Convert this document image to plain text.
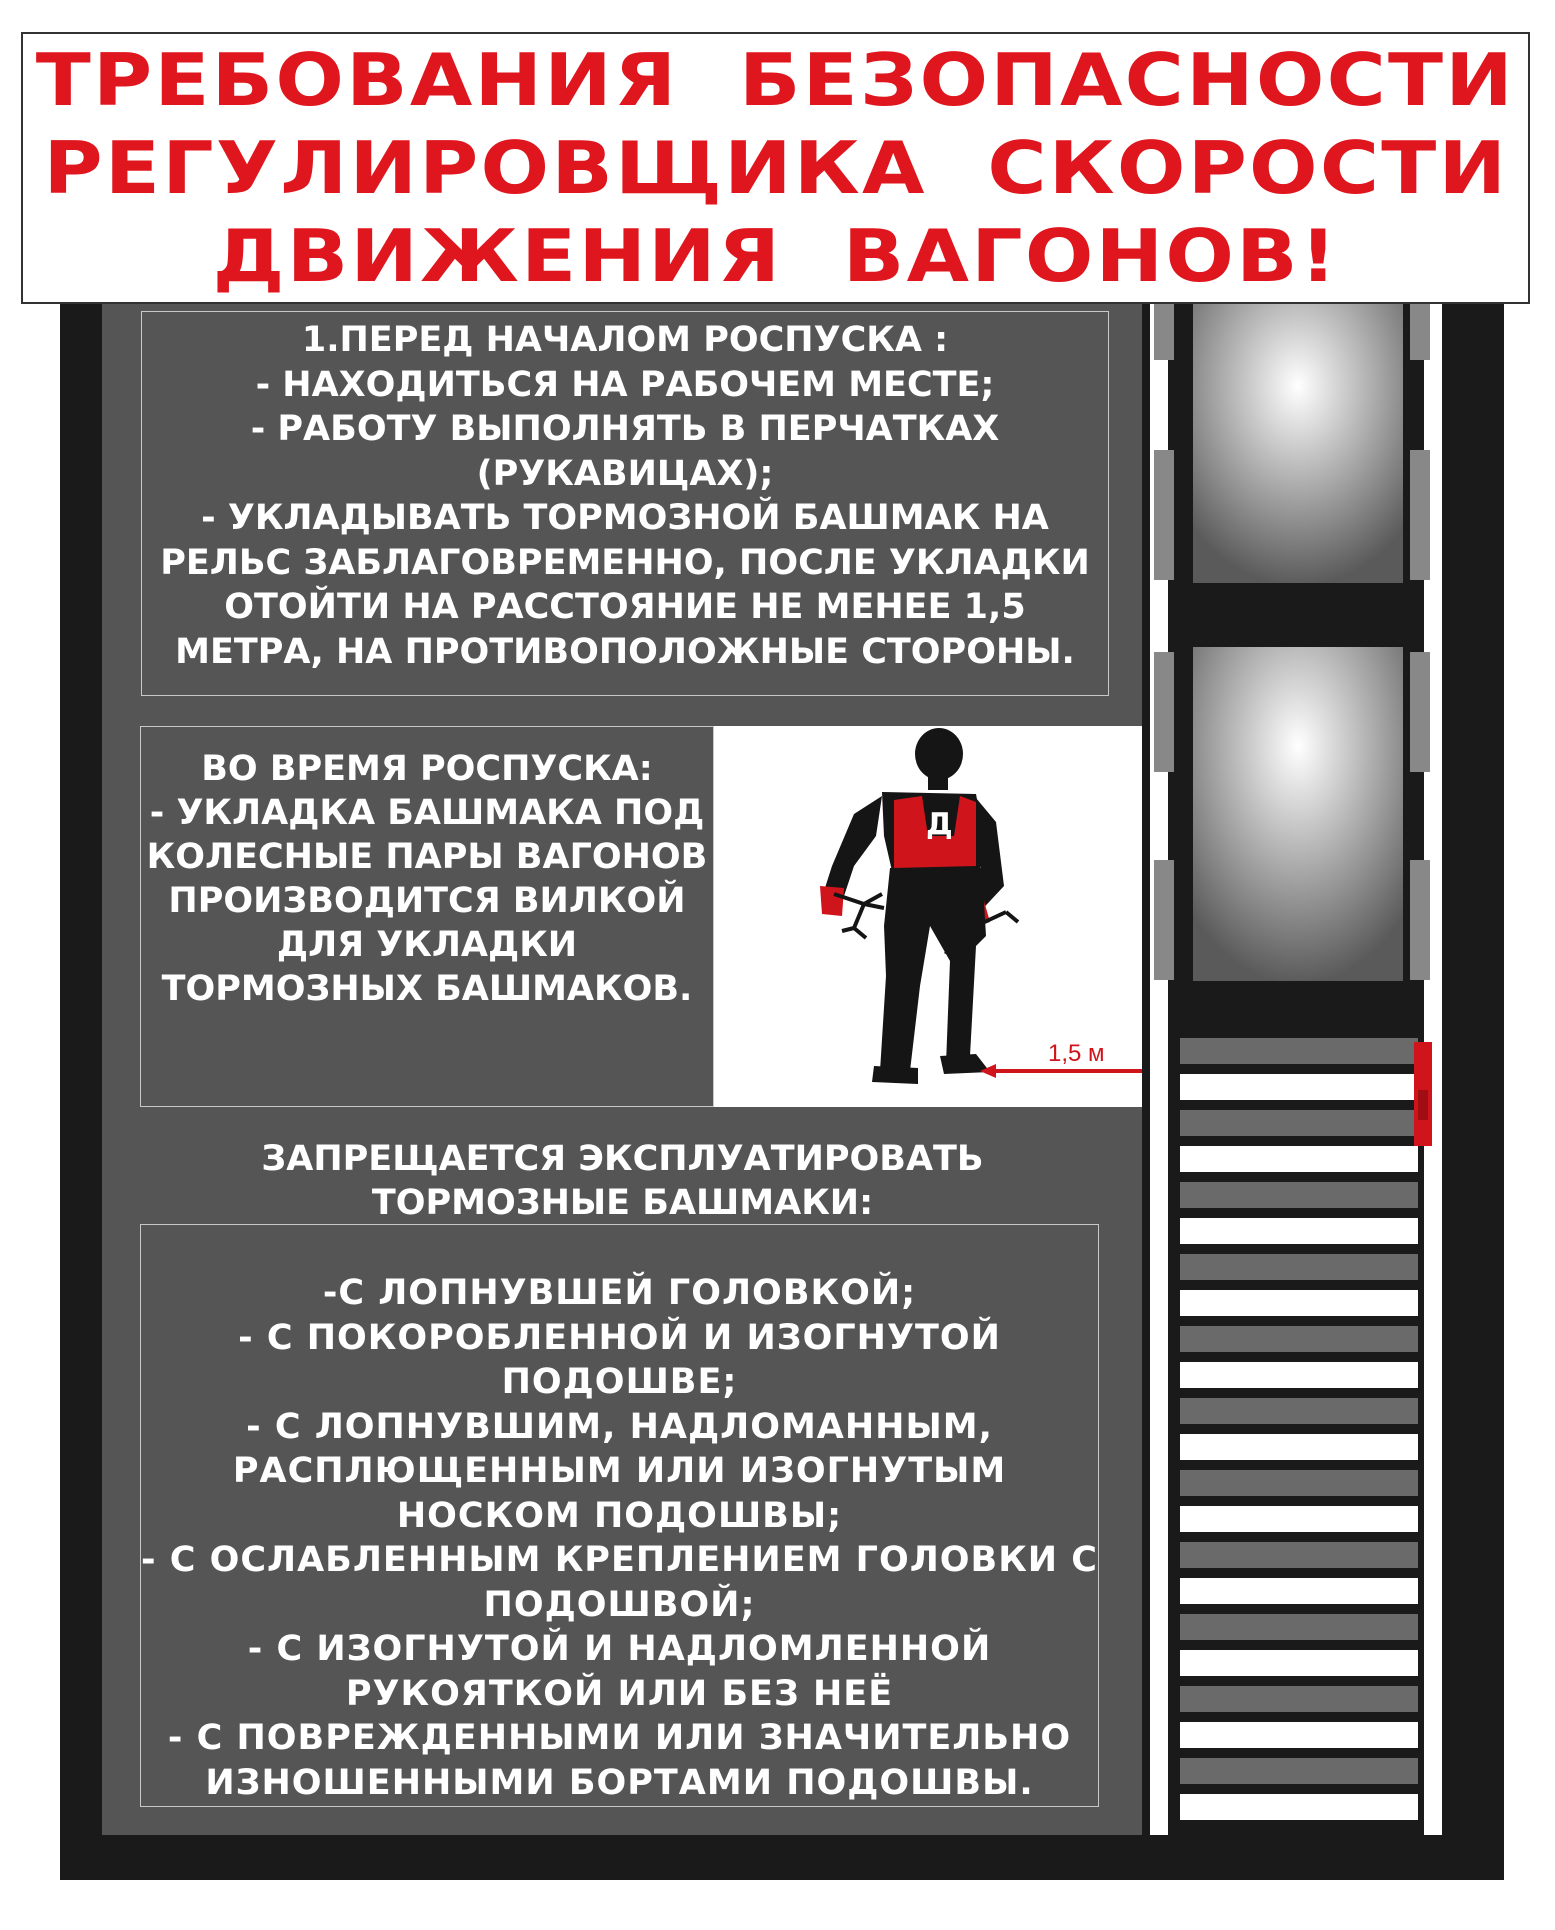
ТРЕБОВАНИЯ  БЕЗОПАСНОСТИ
РЕГУЛИРОВЩИКА  СКОРОСТИ
ДВИЖЕНИЯ  ВАГОНОВ!
1.ПЕРЕД НАЧАЛОМ РОСПУСКА :
- НАХОДИТЬСЯ НА РАБОЧЕМ МЕСТЕ;
- РАБОТУ ВЫПОЛНЯТЬ В ПЕРЧАТКАХ
(РУКАВИЦАХ);
- УКЛАДЫВАТЬ ТОРМОЗНОЙ БАШМАК НА
РЕЛЬС ЗАБЛАГОВРЕМЕННО, ПОСЛЕ УКЛАДКИ
ОТОЙТИ НА РАССТОЯНИЕ НЕ МЕНЕЕ 1,5
МЕТРА, НА ПРОТИВОПОЛОЖНЫЕ СТОРОНЫ.
ВО ВРЕМЯ РОСПУСКА:
- УКЛАДКА БАШМАКА ПОД
КОЛЕСНЫЕ ПАРЫ ВАГОНОВ
ПРОИЗВОДИТСЯ ВИЛКОЙ
ДЛЯ УКЛАДКИ
ТОРМОЗНЫХ БАШМАКОВ.
Д
1,5 м
ЗАПРЕЩАЕТСЯ ЭКСПЛУАТИРОВАТЬ
ТОРМОЗНЫЕ БАШМАКИ:
-С ЛОПНУВШЕЙ ГОЛОВКОЙ;
- С ПОКОРОБЛЕННОЙ И ИЗОГНУТОЙ
ПОДОШВЕ;
- С ЛОПНУВШИМ, НАДЛОМАННЫМ,
РАСПЛЮЩЕННЫМ ИЛИ ИЗОГНУТЫМ
НОСКОМ ПОДОШВЫ;
- С ОСЛАБЛЕННЫМ КРЕПЛЕНИЕМ ГОЛОВКИ С
ПОДОШВОЙ;
- С ИЗОГНУТОЙ И НАДЛОМЛЕННОЙ
РУКОЯТКОЙ ИЛИ БЕЗ НЕЁ
- С ПОВРЕЖДЕННЫМИ ИЛИ ЗНАЧИТЕЛЬНО
ИЗНОШЕННЫМИ БОРТАМИ ПОДОШВЫ.
